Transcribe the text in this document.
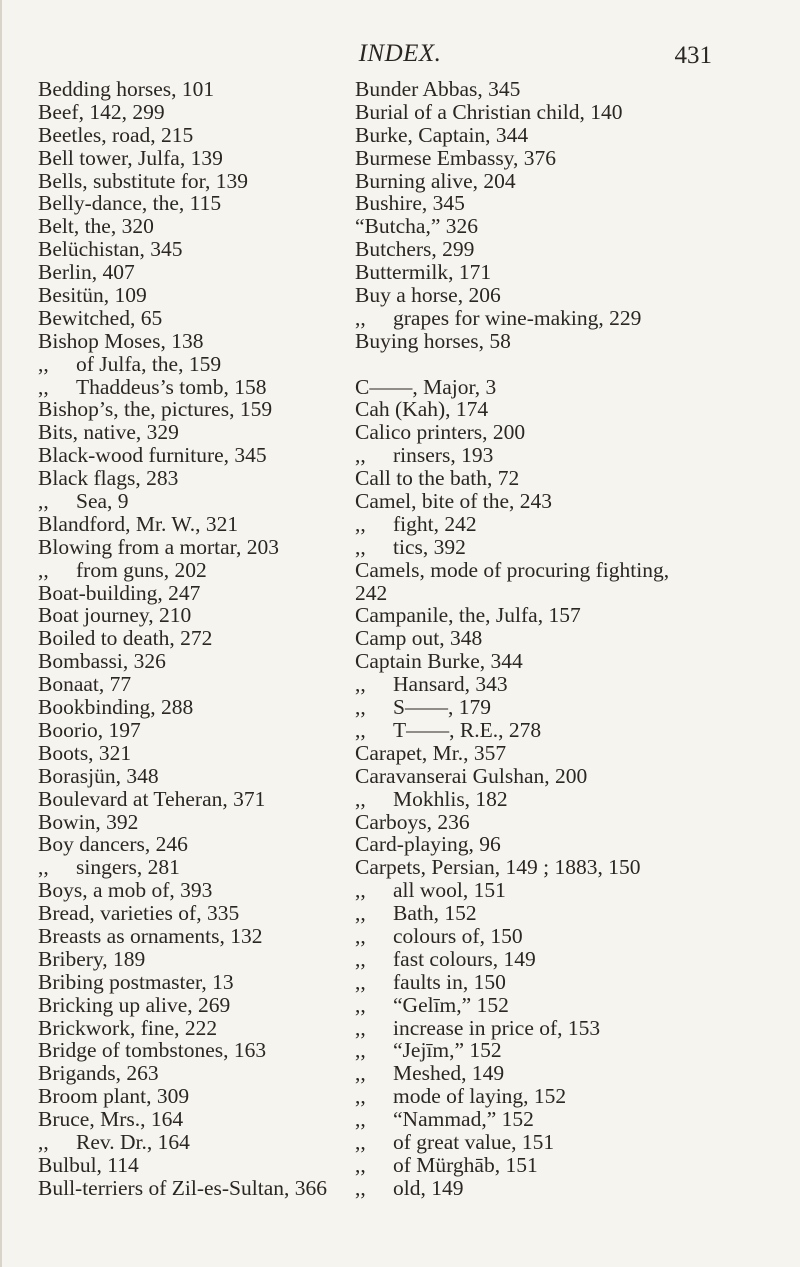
INDEX.	431
Bedding horses, 101
Beef, 142, 299
Beetles, road, 215
Bell tower, Julfa, 139
Bells, substitute for, 139
Belly-dance, the, 115
Belt, the, 320
Belüchistan, 345
Berlin, 407
Besitün, 109
Bewitched, 65
Bishop Moses, 138
,, of Julfa, the, 159
,, Thaddeus’s tomb, 158
Bishop’s, the, pictures, 159
Bits, native, 329
Black-wood furniture, 345
Black flags, 283
,, Sea, 9
Blandford, Mr. W., 321
Blowing from a mortar, 203
,, from guns, 202
Boat-building, 247
Boat journey, 210
Boiled to death, 272
Bombassi, 326
Bonaat, 77
Bookbinding, 288
Boorio, 197
Boots, 321
Borasjün, 348
Boulevard at Teheran, 371
Bowin, 392
Boy dancers, 246
,, singers, 281
Boys, a mob of, 393
Bread, varieties of, 335
Breasts as ornaments, 132
Bribery, 189
Bribing postmaster, 13
Bricking up alive, 269
Brickwork, fine, 222
Bridge of tombstones, 163
Brigands, 263
Broom plant, 309
Bruce, Mrs., 164
,, Rev. Dr., 164
Bulbul, 114
Bull-terriers of Zil-es-Sultan, 366
Bunder Abbas, 345
Burial of a Christian child, 140
Burke, Captain, 344
Burmese Embassy, 376
Burning alive, 204
Bushire, 345
“Butcha,” 326
Butchers, 299
Buttermilk, 171
Buy a horse, 206
,, grapes for wine-making, 229
Buying horses, 58
C——, Major, 3
Cah (Kah), 174
Calico printers, 200
,, rinsers, 193
Call to the bath, 72
Camel, bite of the, 243
,, fight, 242
,, tics, 392
Camels, mode of procuring fighting,
242
Campanile, the, Julfa, 157
Camp out, 348
Captain Burke, 344
,, Hansard, 343
,, S——, 179
,, T——, R.E., 278
Carapet, Mr., 357
Caravanserai Gulshan, 200
,, Mokhlis, 182
Carboys, 236
Card-playing, 96
Carpets, Persian, 149 ; 1883, 150
,, all wool, 151
,, Bath, 152
,, colours of, 150
,, fast colours, 149
,, faults in, 150
,, “Gelīm,” 152
,, increase in price of, 153
,, “Jejīm,” 152
,, Meshed, 149
,, mode of laying, 152
,, “Nammad,” 152
,, of great value, 151
,, of Mürghāb, 151
,, old, 149
